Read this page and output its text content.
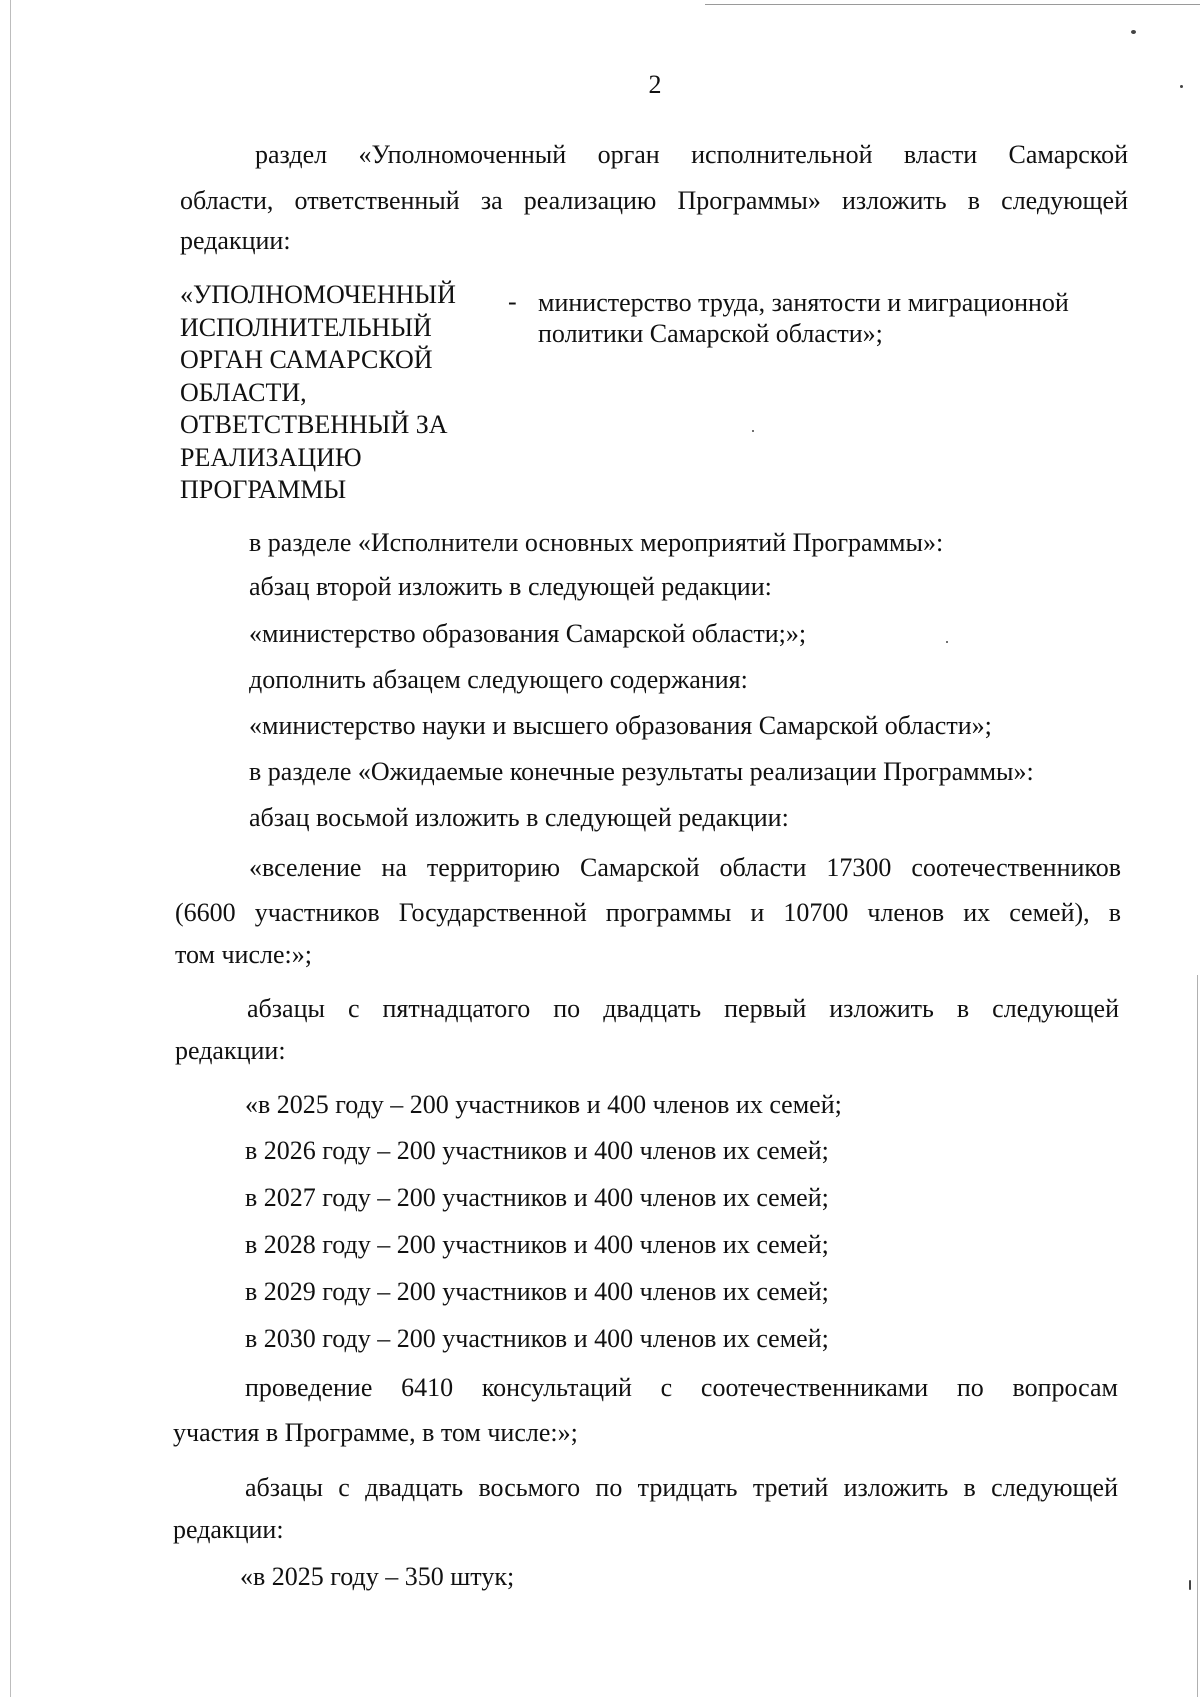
2
раздел «Уполномоченный орган исполнительной власти Самарской
области, ответственный за реализацию Программы» изложить в следующей
редакции:
«УПОЛНОМОЧЕННЫЙ
ИСПОЛНИТЕЛЬНЫЙ
ОРГАН САМАРСКОЙ
ОБЛАСТИ,
ОТВЕТСТВЕННЫЙ ЗА
РЕАЛИЗАЦИЮ
ПРОГРАММЫ
- министерство труда, занятости и миграционной
политики Самарской области»;
в разделе «Исполнители основных мероприятий Программы»:
абзац второй изложить в следующей редакции:
«министерство образования Самарской области;»;
дополнить абзацем следующего содержания:
«министерство науки и высшего образования Самарской области»;
в разделе «Ожидаемые конечные результаты реализации Программы»:
абзац восьмой изложить в следующей редакции:
«вселение на территорию Самарской области 17300 соотечественников
(6600 участников Государственной программы и 10700 членов их семей), в
том числе:»;
абзацы с пятнадцатого по двадцать первый изложить в следующей
редакции:
«в 2025 году – 200 участников и 400 членов их семей;
в 2026 году – 200 участников и 400 членов их семей;
в 2027 году – 200 участников и 400 членов их семей;
в 2028 году – 200 участников и 400 членов их семей;
в 2029 году – 200 участников и 400 членов их семей;
в 2030 году – 200 участников и 400 членов их семей;
проведение 6410 консультаций с соотечественниками по вопросам
участия в Программе, в том числе:»;
абзацы с двадцать восьмого по тридцать третий изложить в следующей
редакции:
«в 2025 году – 350 штук;
